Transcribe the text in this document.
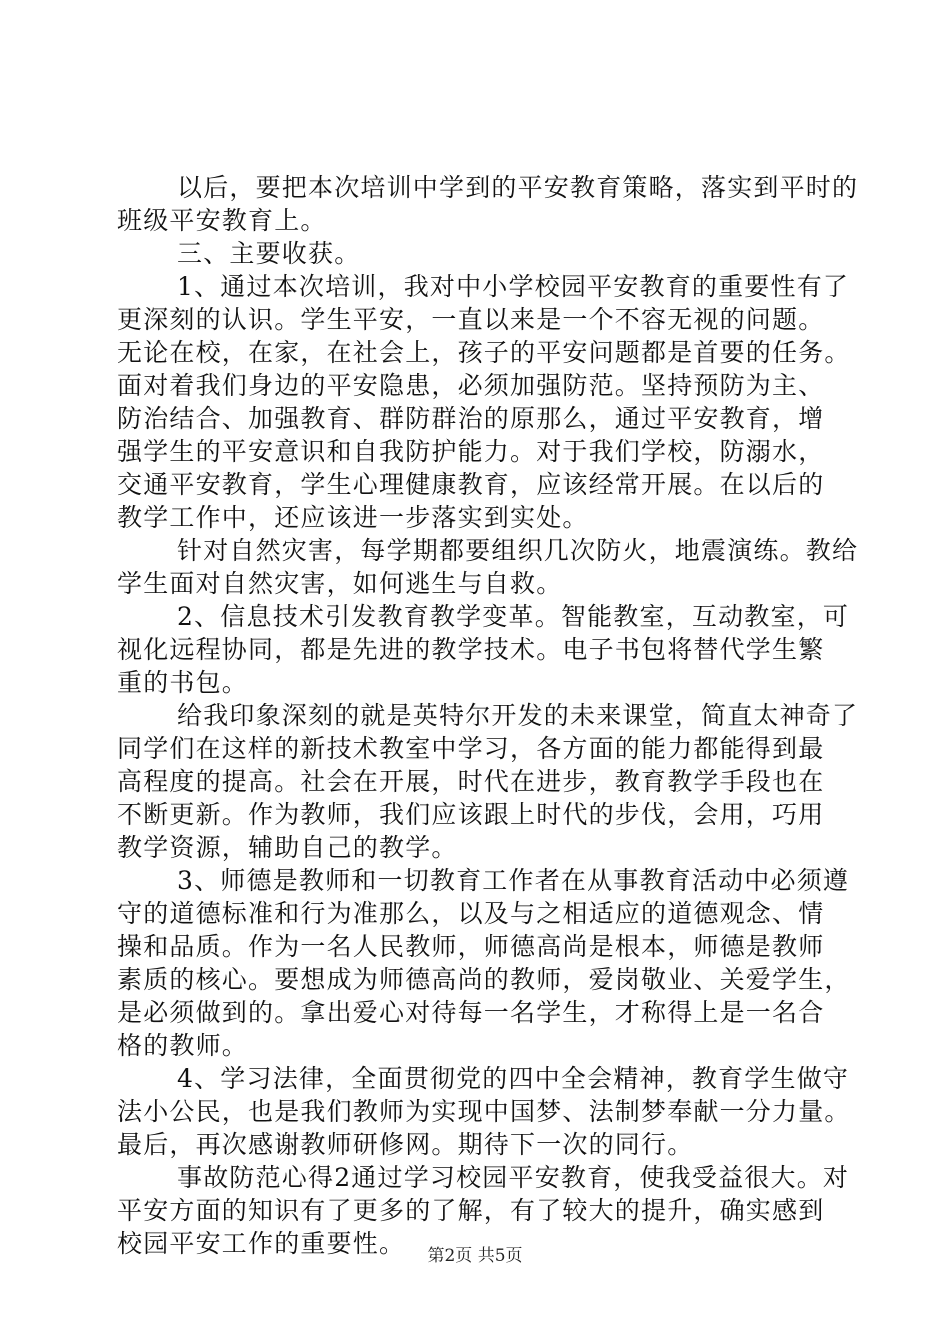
以后，要把本次培训中学到的平安教育策略，落实到平时的
班级平安教育上。
三、主要收获。
1、通过本次培训，我对中小学校园平安教育的重要性有了
更深刻的认识。学生平安，一直以来是一个不容无视的问题。
无论在校，在家，在社会上，孩子的平安问题都是首要的任务。
面对着我们身边的平安隐患，必须加强防范。坚持预防为主、
防治结合、加强教育、群防群治的原那么，通过平安教育，增
强学生的平安意识和自我防护能力。对于我们学校，防溺水，
交通平安教育，学生心理健康教育，应该经常开展。在以后的
教学工作中，还应该进一步落实到实处。
针对自然灾害，每学期都要组织几次防火，地震演练。教给
学生面对自然灾害，如何逃生与自救。
2、信息技术引发教育教学变革。智能教室，互动教室，可
视化远程协同，都是先进的教学技术。电子书包将替代学生繁
重的书包。
给我印象深刻的就是英特尔开发的未来课堂，简直太神奇了
同学们在这样的新技术教室中学习，各方面的能力都能得到最
高程度的提高。社会在开展，时代在进步，教育教学手段也在
不断更新。作为教师，我们应该跟上时代的步伐，会用，巧用
教学资源，辅助自己的教学。
3、师德是教师和一切教育工作者在从事教育活动中必须遵
守的道德标准和行为准那么，以及与之相适应的道德观念、情
操和品质。作为一名人民教师，师德高尚是根本，师德是教师
素质的核心。要想成为师德高尚的教师，爱岗敬业、关爱学生，
是必须做到的。拿出爱心对待每一名学生，才称得上是一名合
格的教师。
4、学习法律，全面贯彻党的四中全会精神，教育学生做守
法小公民，也是我们教师为实现中国梦、法制梦奉献一分力量。
最后，再次感谢教师研修网。期待下一次的同行。
事故防范心得2通过学习校园平安教育，使我受益很大。对
平安方面的知识有了更多的了解，有了较大的提升，确实感到
校园平安工作的重要性。	第2页 共5页
